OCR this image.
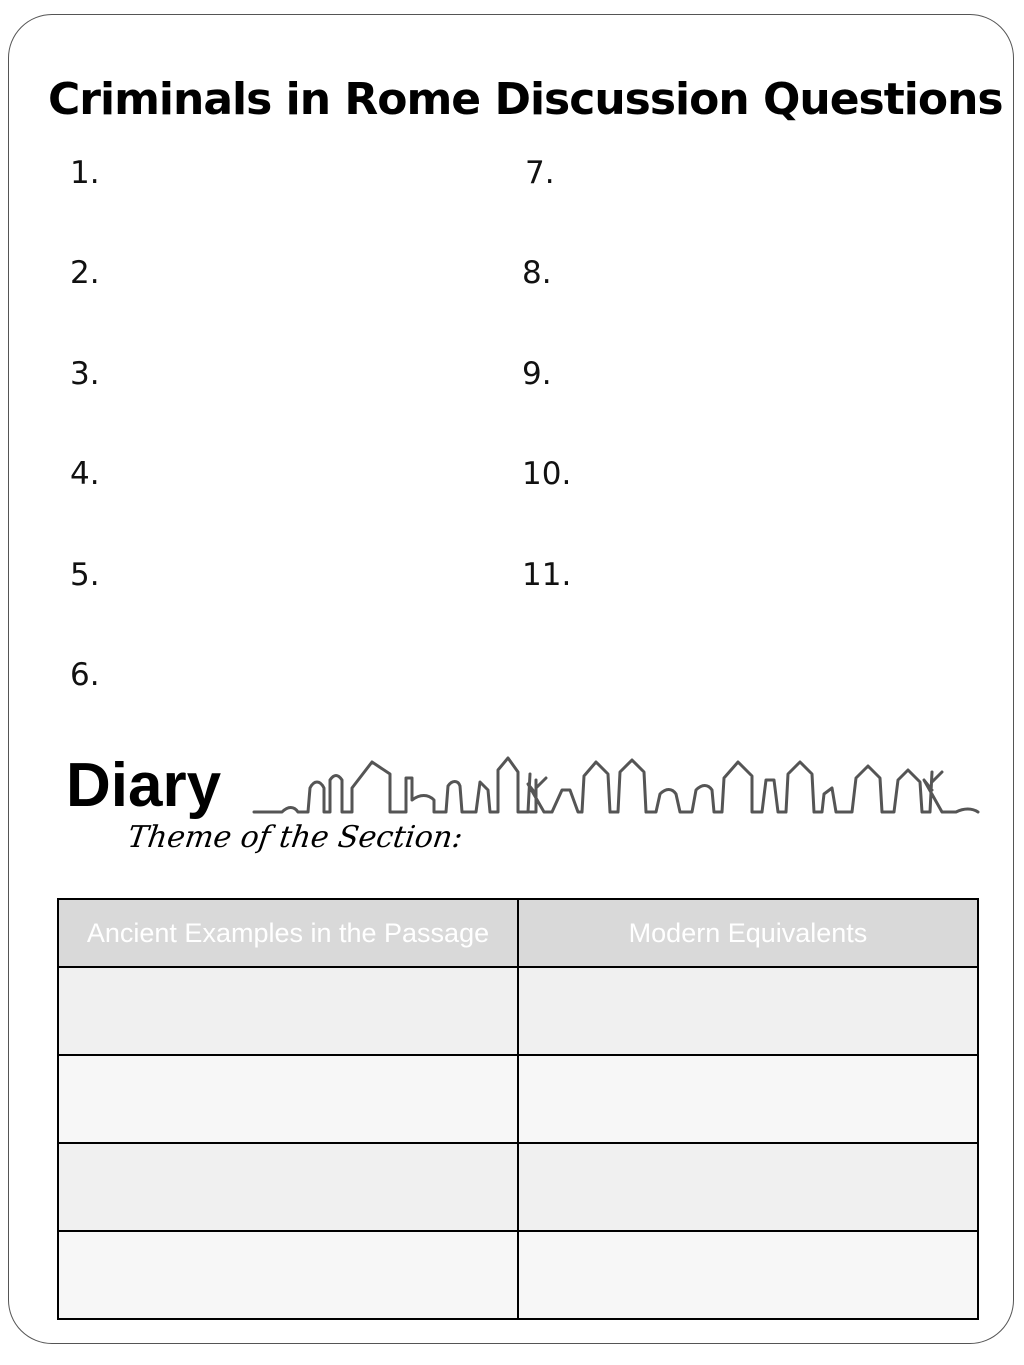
Criminals in Rome Discussion Questions
1.
2.
3.
4.
5.
6.
7.
8.
9.
10.
11.
Diary
Theme of the Section:
Ancient Examples in the Passage	Modern Equivalents
